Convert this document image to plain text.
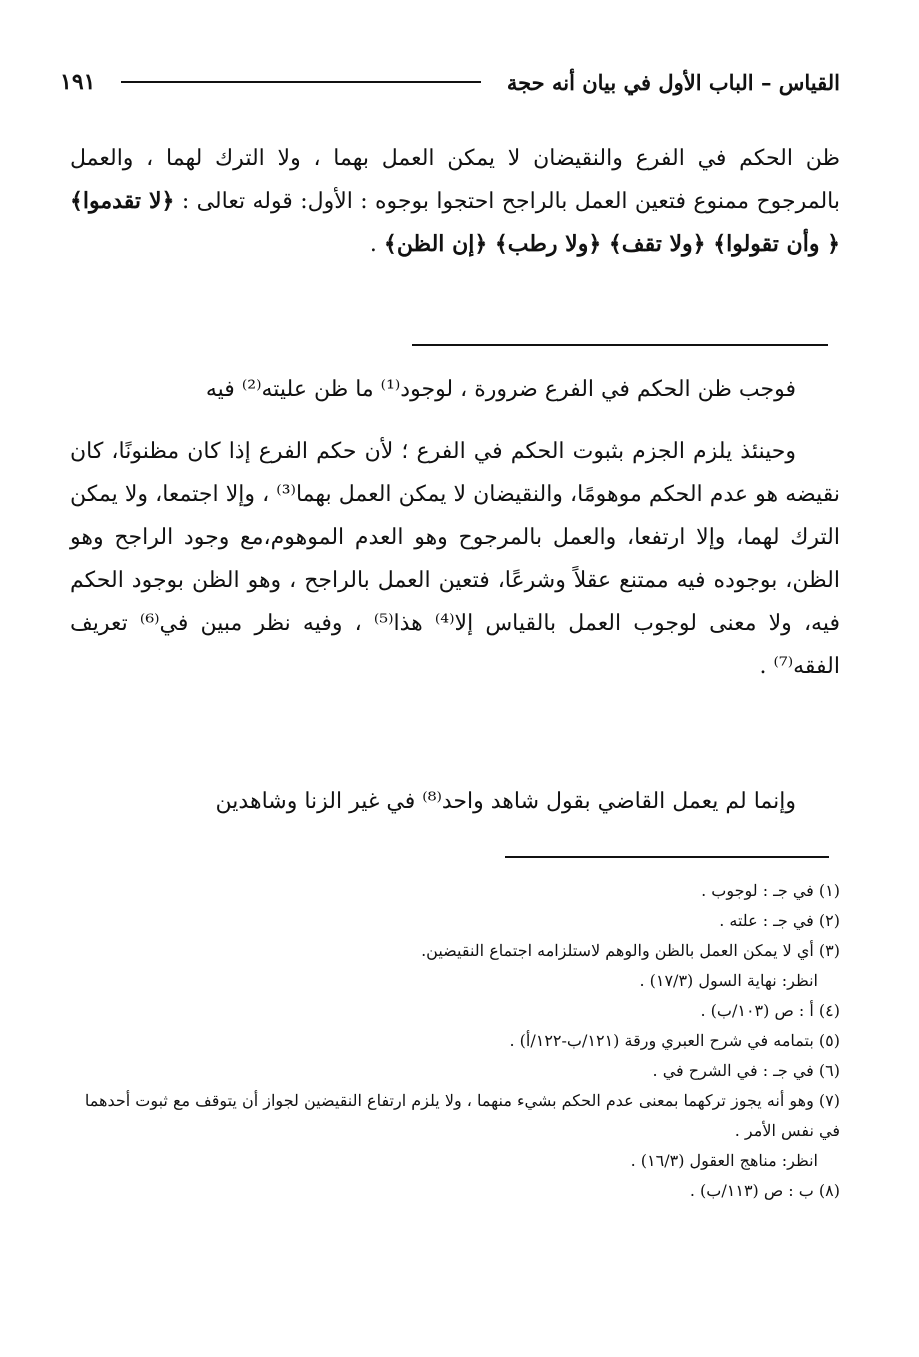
القياس – الباب الأول في بيان أنه حجة
١٩١

ظن الحكم في الفرع والنقيضان لا يمكن العمل بهما ، ولا الترك لهما ، والعمل بالمرجوح ممنوع فتعين العمل بالراجح احتجوا بوجوه : الأول: قوله تعالى : ﴿لا تقدموا﴾ ﴿ وأن تقولوا﴾ ﴿ولا تقف﴾ ﴿ولا رطب﴾ ﴿إن الظن﴾ .

فوجب ظن الحكم في الفرع ضرورة ، لوجود⁽¹⁾ ما ظن عليته⁽²⁾ فيه

وحينئذ يلزم الجزم بثبوت الحكم في الفرع ؛ لأن حكم الفرع إذا كان مظنونًا، كان نقيضه هو عدم الحكم موهومًا، والنقيضان لا يمكن العمل بهما⁽³⁾ ، وإلا اجتمعا، ولا يمكن الترك لهما، وإلا ارتفعا، والعمل بالمرجوح وهو العدم الموهوم،مع وجود الراجح وهو الظن، بوجوده فيه ممتنع عقلاً وشرعًا، فتعين العمل بالراجح ، وهو الظن بوجود الحكم فيه، ولا معنى لوجوب العمل بالقياس إلا⁽⁴⁾ هذا⁽⁵⁾ ، وفيه نظر مبين في⁽⁶⁾ تعريف الفقه⁽⁷⁾ .

وإنما لم يعمل القاضي بقول شاهد واحد⁽⁸⁾ في غير الزنا وشاهدين

(١) في جـ : لوجوب .
(٢) في جـ : علته .
(٣) أي لا يمكن العمل بالظن والوهم لاستلزامه اجتماع النقيضين.
انظر: نهاية السول (١٧/٣) .
(٤) أ : ص (١٠٣/ب) .
(٥) بتمامه في شرح العبري ورقة (١٢١/ب-١٢٢/أ) .
(٦) في جـ : في الشرح في .
(٧) وهو أنه يجوز تركهما بمعنى عدم الحكم بشيء منهما ، ولا يلزم ارتفاع النقيضين لجواز أن يتوقف مع ثبوت أحدهما في نفس الأمر .
انظر: مناهج العقول (١٦/٣) .
(٨) ب : ص (١١٣/ب) .
